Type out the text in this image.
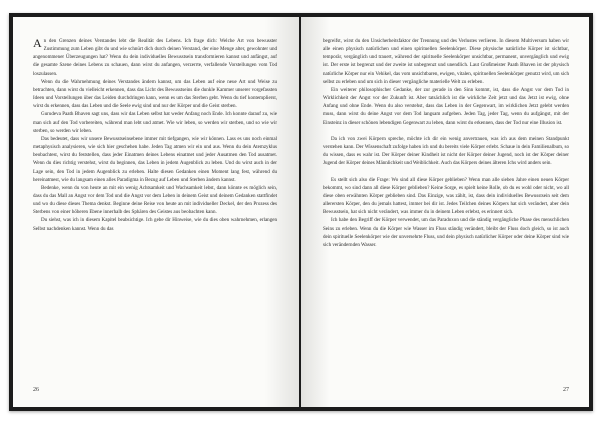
An den Grenzen deines Verstandes lebt die Realität des Lebens. Ich frage dich: Welche Art von bewusster Zustimmung zum Leben gibt du und wie schnürt dich durch deinen Verstand, der eine Menge alter, gewohnter und angenommener Überzeugungen hat? Wenn du dein individuelles Bewusstsein transformieren kannst und anfängst, auf die gesamte Szene deines Lebens zu schauen, dann wirst du anfangen, verzerrte, verfallende Vorstellungen vom Tod loszulassen.

Wenn du die Wahrnehmung deines Verstandes ändern kannst, um das Leben auf eine neue Art und Weise zu betrachten, dann wirst du vielleicht erkennen, dass das Licht des Bewusstseins die dunkle Kammer unserer vorgefassten Ideen und Vorstellungen über das Leiden durchdringen kann, wenn es um das Sterben geht. Wenn du tief kontemplierst, wirst du erkennen, dass das Leben und die Seele ewig sind und nur der Körper und die Geist sterben.

Gurudeva Paath Bhaven sagt uns, dass wir das Leben selbst hat weder Anfang noch Ende. Ich konnte darauf zu, wie man sich auf den Tod vorbereiten, während man lebt und atmet. Wie wir leben, so werden wir sterben, und so wie wir sterben, so werden wir leben.

Das bedeutet, dass wir unsere Bewusstseinsebene immer mit tiefgangen, wie wir können. Lass es uns noch einmal metaphysisch analysieren, wie sich hier geschehen habe. Jeden Tag atmen wir ein und aus. Wenn du dein Atemzyklus beobachtest, wirst du feststellen, dass jeder Einatmen deines Lebens einatmet und jeder Ausatmen den Tod ausatmet. Wenn du dies richtig verstehst, wirst du beginnen, das Leben in jedem Augenblick zu leben. Und du wirst auch in der Lage sein, den Tod in jedem Augenblick zu erleben. Halte diesen Gedanken einen Moment lang fest, während du hereinatmest, wie du langsam einen alles Paradigma in Bezug auf Leben und Sterben ändern kannst.

Bedenke, wenn du von heute an mit ein wenig Achtsamkeit und Wachsamkeit lebst, dann könnte es möglich sein, dass du das Mall an Angst vor dem Tod und die Angst vor dem Leben in deinem Geist und deinem Gedanken stattfindet und wo du diese dieses Thema denkst. Beginne deine Reise von heute an mit individueller Deckel, der den Prozess des Sterbens von einer höheren Ebene innerhalb des Sphären des Geistes aus beobachten kann.

Du siehst, was ich in diesem Kapitel beabsichtige. Ich gebe dir Hinweise, wie du dies oben wahrnehmen, erlangen Selbst nachdenken kannst. Wenn du das

26

begreifst, wirst du den Unsicherheitsfaktor der Trennung und des Verlustes verlieren. In diesem Multiversum haben wir alle einen physisch natürlichen und einen spirituellen Seelenkörper. Diese physische natürliche Körper ist sichtbar, temporär, vergänglich und trauert, während der spirituelle Seelenkörper unsichtbar, permanent, unvergänglich und ewig ist. Der erste ist begrenzt und der zweite ist unbegrenzt und unendlich. Laut Großmeister Paath Bhaven ist der physisch natürliche Körper nur ein Vehikel, das vom unsichtbaren, ewigen, vitalen, spirituellen Seelenkörper genutzt wird, um sich selbst zu erleben und um sich in dieser vergängliche materielle Welt zu erleben.

Ein weiterer philosophischer Gedanke, der zur gerade in den Sinn kommt, ist, dass die Angst vor dem Tod in Wirklichkeit der Angst vor der Zukunft ist. Aber tatsächlich ist die wirkliche Zeit jetzt und das Jetzt ist ewig, ohne Anfang und ohne Ende. Wenn du also verstehst, dass das Leben in der Gegenwart, im wirklichen Jetzt gelebt werden muss, dann wirst du deine Angst vor dem Tod langsam aufgeben. Jeden Tag, jeder Tag, wenn du aufgängst, mit der Einsteinz in dieser schönen lebendigen Gegenwart zu leben, dann wirst du erkennen, dass der Tod nur eine Illusion ist.

Da ich von zwei Körpern spreche, möchte ich dir ein wenig anvertrauen, was ich aus dem meinen Standpunkt verstehen kann. Der Wissenschaft zufolge haben ich und du bereits viele Körper erlebt. Schaue in dein Familienalbum, so du wissen, dass es wahr ist. Der Körper deiner Kindheit ist nicht der Körper deiner Jugend, noch ist der Körper deiner Jugend der Körper deines Männlichkeit und Weiblichkeit. Auch das Körpers deines älteren Ichs wird anders sein.

Es stellt sich also die Frage: Wo sind all diese Körper geblieben? Wenn man alle sieben Jahre einen neuen Körper bekommt, wo sind dann all diese Körper geblieben? Keine Sorge, es spielt keine Rolle, ob du es wohl oder nicht, wo all diese oben erwähnten Körper geblieben sind. Das Einzige, was zählt, ist, dass dein individuelles Bewusstsein seit dem allerersten Körper, den du jemals hattest, immer bei dir ist. Jedes Teilchen deines Körpers hat sich verändert, aber dein Bewusstsein, hat sich nicht verändert, was immer du in deinem Leben erlebst, es erinnert sich.

Ich habe den Begriff der Körper verwendet, um das Paradoxon und die ständig vergängliche Phase des menschlichen Seins zu erleben. Wenn du die Körper wie Wasser im Fluss ständig verändert, bleibt der Fluss doch gleich, so ist auch dein spirituelle Seelenkörper wie der unversehrte Fluss, und dein physisch natürlicher Körper oder deine Körper sind wie sich verändernden Wasser.

27
